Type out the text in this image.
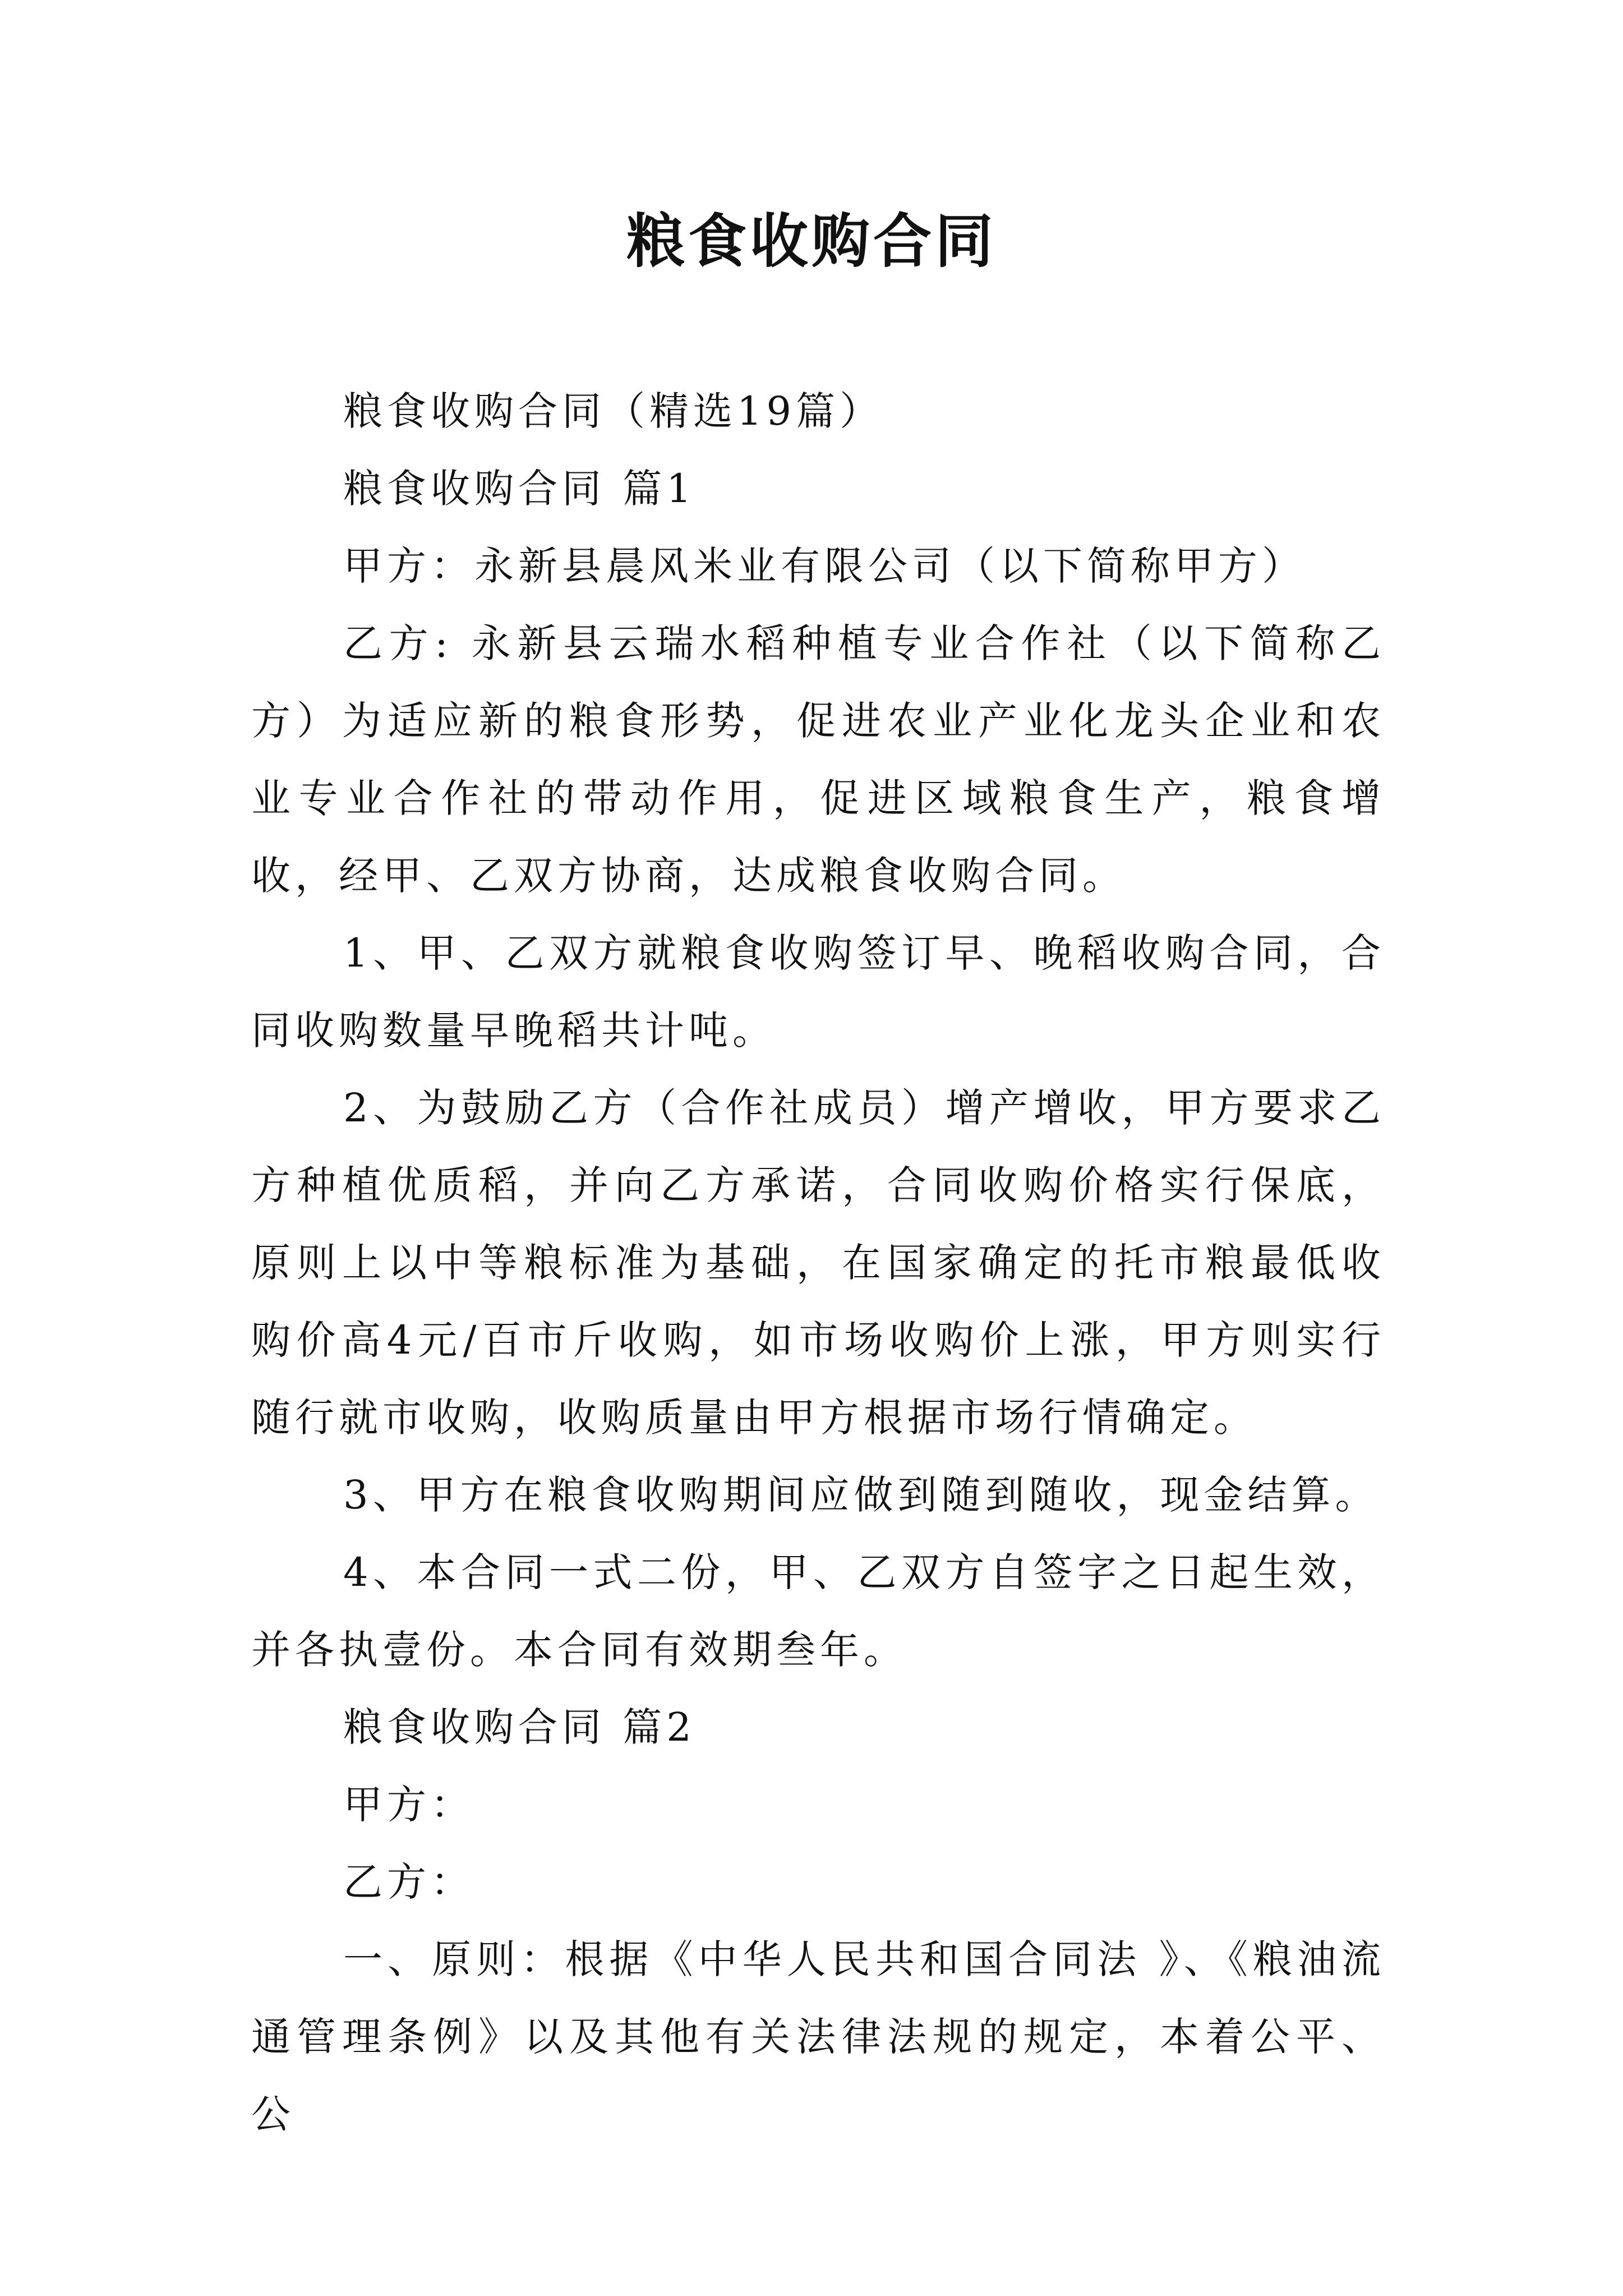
粮食收购合同

粮食收购合同（精选19篇）

粮食收购合同 篇1

甲方：永新县晨风米业有限公司（以下简称甲方）

乙方: 永新县云瑞水稻种植专业合作社（以下简称乙方）为适应新的粮食形势，促进农业产业化龙头企业和农业专业合作社的带动作用，促进区域粮食生产，粮食增收，经甲、乙双方协商，达成粮食收购合同。

1、甲、乙双方就粮食收购签订早、晚稻收购合同，合同收购数量早晚稻共计吨。

2、为鼓励乙方（合作社成员）增产增收，甲方要求乙方种植优质稻，并向乙方承诺，合同收购价格实行保底，原则上以中等粮标准为基础，在国家确定的托市粮最低收购价高4元/百市斤收购，如市场收购价上涨，甲方则实行随行就市收购，收购质量由甲方根据市场行情确定。

3、甲方在粮食收购期间应做到随到随收，现金结算。

4、本合同一式二份，甲、乙双方自签字之日起生效，并各执壹份。本合同有效期叁年。

粮食收购合同 篇2

甲方：

乙方：

一、原则：根据《中华人民共和国合同法 》、《粮油流通管理条例》以及其他有关法律法规的规定，本着公平、公
